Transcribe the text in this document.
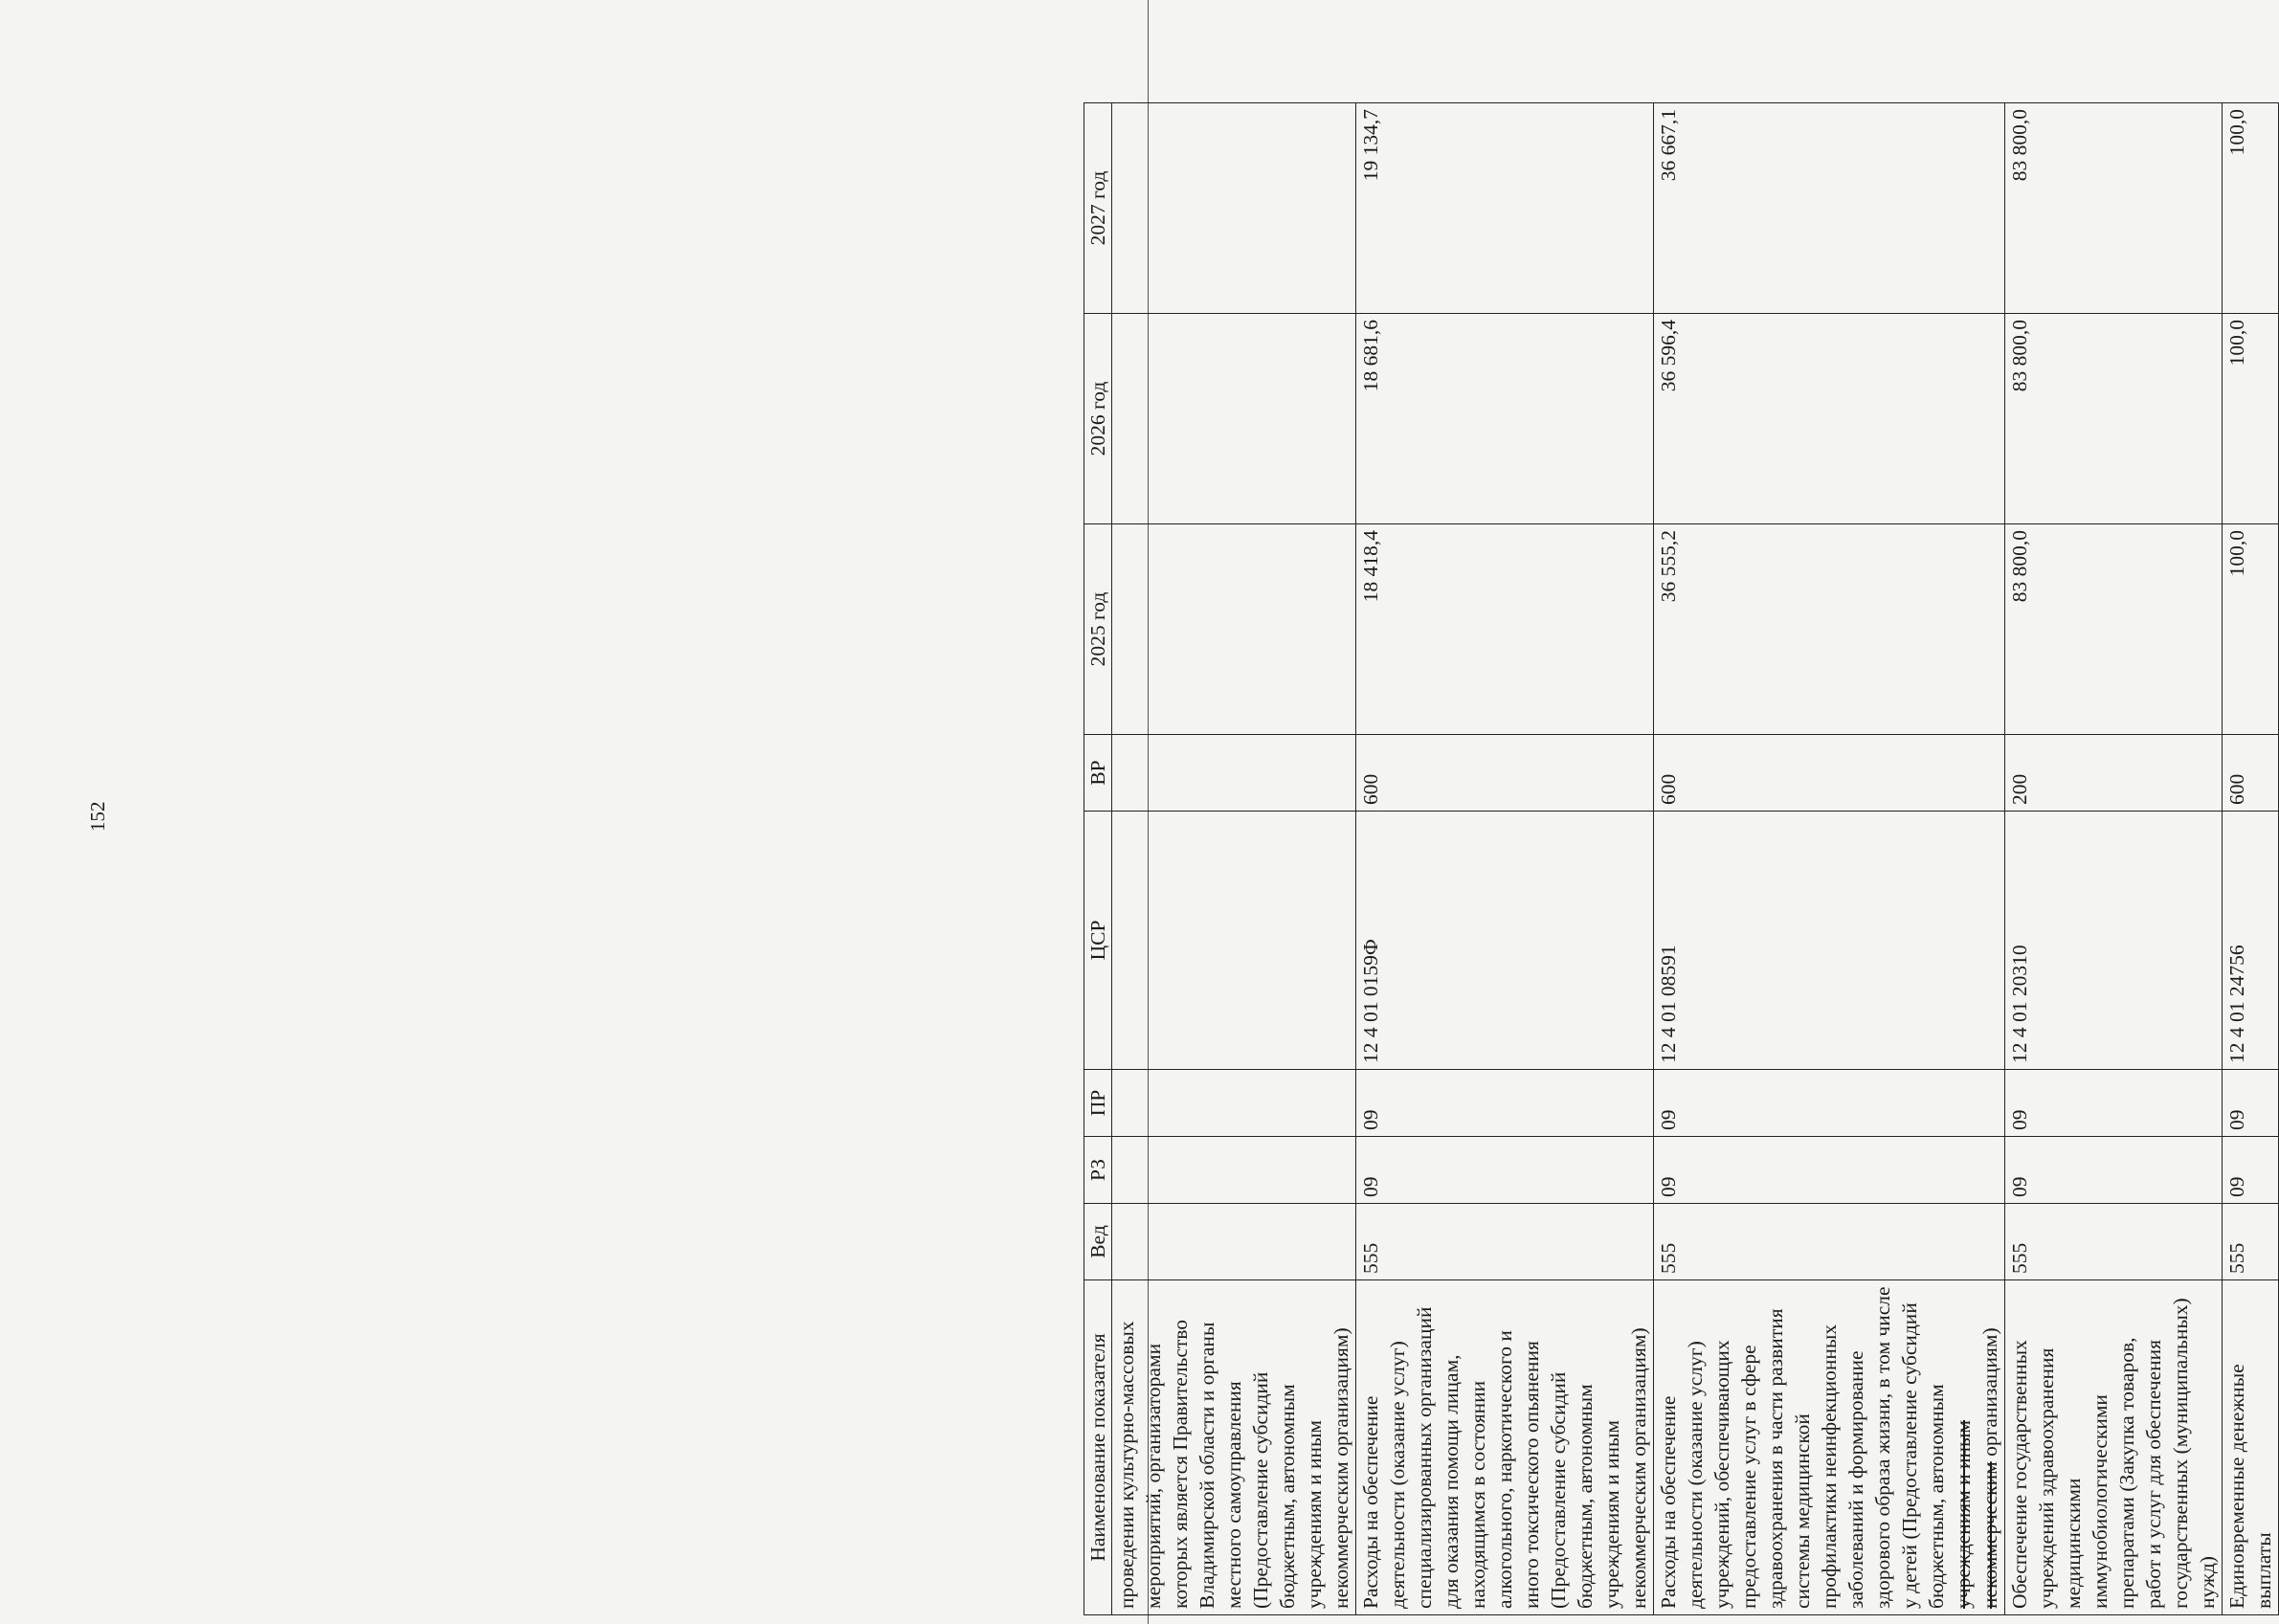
152
Наименование показателя	Вед	РЗ	ПР	ЦСР	ВР	2025 год	2026 год	2027 год
проведении культурно-массовых мероприятий, организаторами которых является Правительство Владимирской области и органы местного самоуправления (Предоставление субсидий бюджетным, автономным учреждениям и иным некоммерческим организациям)								
Расходы на обеспечение деятельности (оказание услуг) специализированных организаций для оказания помощи лицам, находящимся в состоянии алкогольного, наркотического и иного токсического опьянения (Предоставление субсидий бюджетным, автономным учреждениям и иным некоммерческим организациям)	555	09	09	12 4 01 0159Ф	600	18 418,4	18 681,6	19 134,7
Расходы на обеспечение деятельности (оказание услуг) учреждений, обеспечивающих предоставление услуг в сфере здравоохранения в части развития системы медицинской профилактики неинфекционных заболеваний и формирование здорового образа жизни, в том числе у детей (Предоставление субсидий бюджетным, автономным учреждениям и иным некоммерческим организациям)	555	09	09	12 4 01 08591	600	36 555,2	36 596,4	36 667,1
Обеспечение государственных учреждений здравоохранения медицинскими иммунобиологическими препаратами (Закупка товаров, работ и услуг для обеспечения государственных (муниципальных) нужд)	555	09	09	12 4 01 20310	200	83 800,0	83 800,0	83 800,0
Единовременные денежные выплаты	555	09	09	12 4 01 24756	600	100,0	100,0	100,0
